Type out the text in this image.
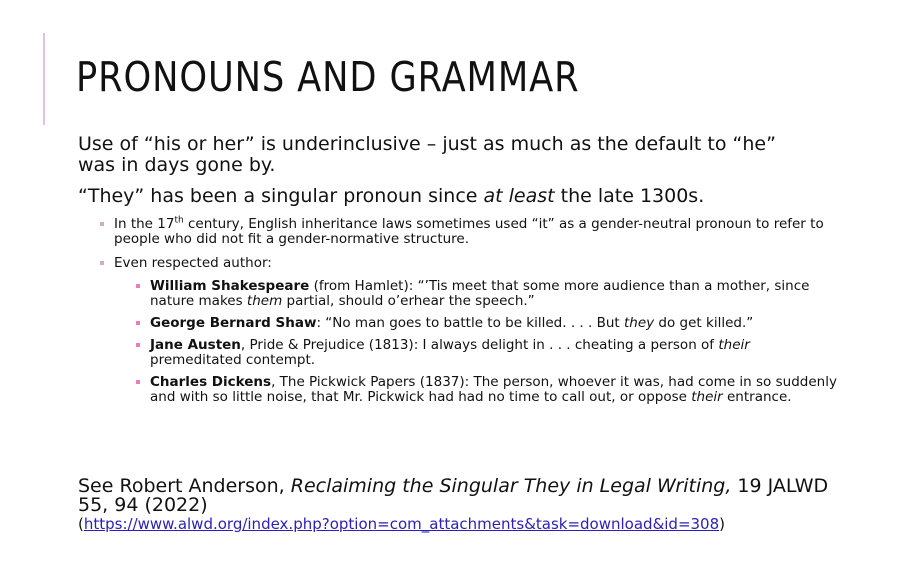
PRONOUNS AND GRAMMAR

Use of “his or her” is underinclusive – just as much as the default to “he” was in days gone by.

“They” has been a singular pronoun since at least the late 1300s.

In the 17th century, English inheritance laws sometimes used “it” as a gender-neutral pronoun to refer to people who did not fit a gender-normative structure.
Even respected author:
William Shakespeare (from Hamlet): “’Tis meet that some more audience than a mother, since nature makes them partial, should o’erhear the speech.”
George Bernard Shaw: “No man goes to battle to be killed. . . . But they do get killed.”
Jane Austen, Pride & Prejudice (1813): I always delight in . . . cheating a person of their premeditated contempt.
Charles Dickens, The Pickwick Papers (1837): The person, whoever it was, had come in so suddenly and with so little noise, that Mr. Pickwick had had no time to call out, or oppose their entrance.
See Robert Anderson, Reclaiming the Singular They in Legal Writing, 19 JALWD 55, 94 (2022)
(https://www.alwd.org/index.php?option=com_attachments&task=download&id=308)
